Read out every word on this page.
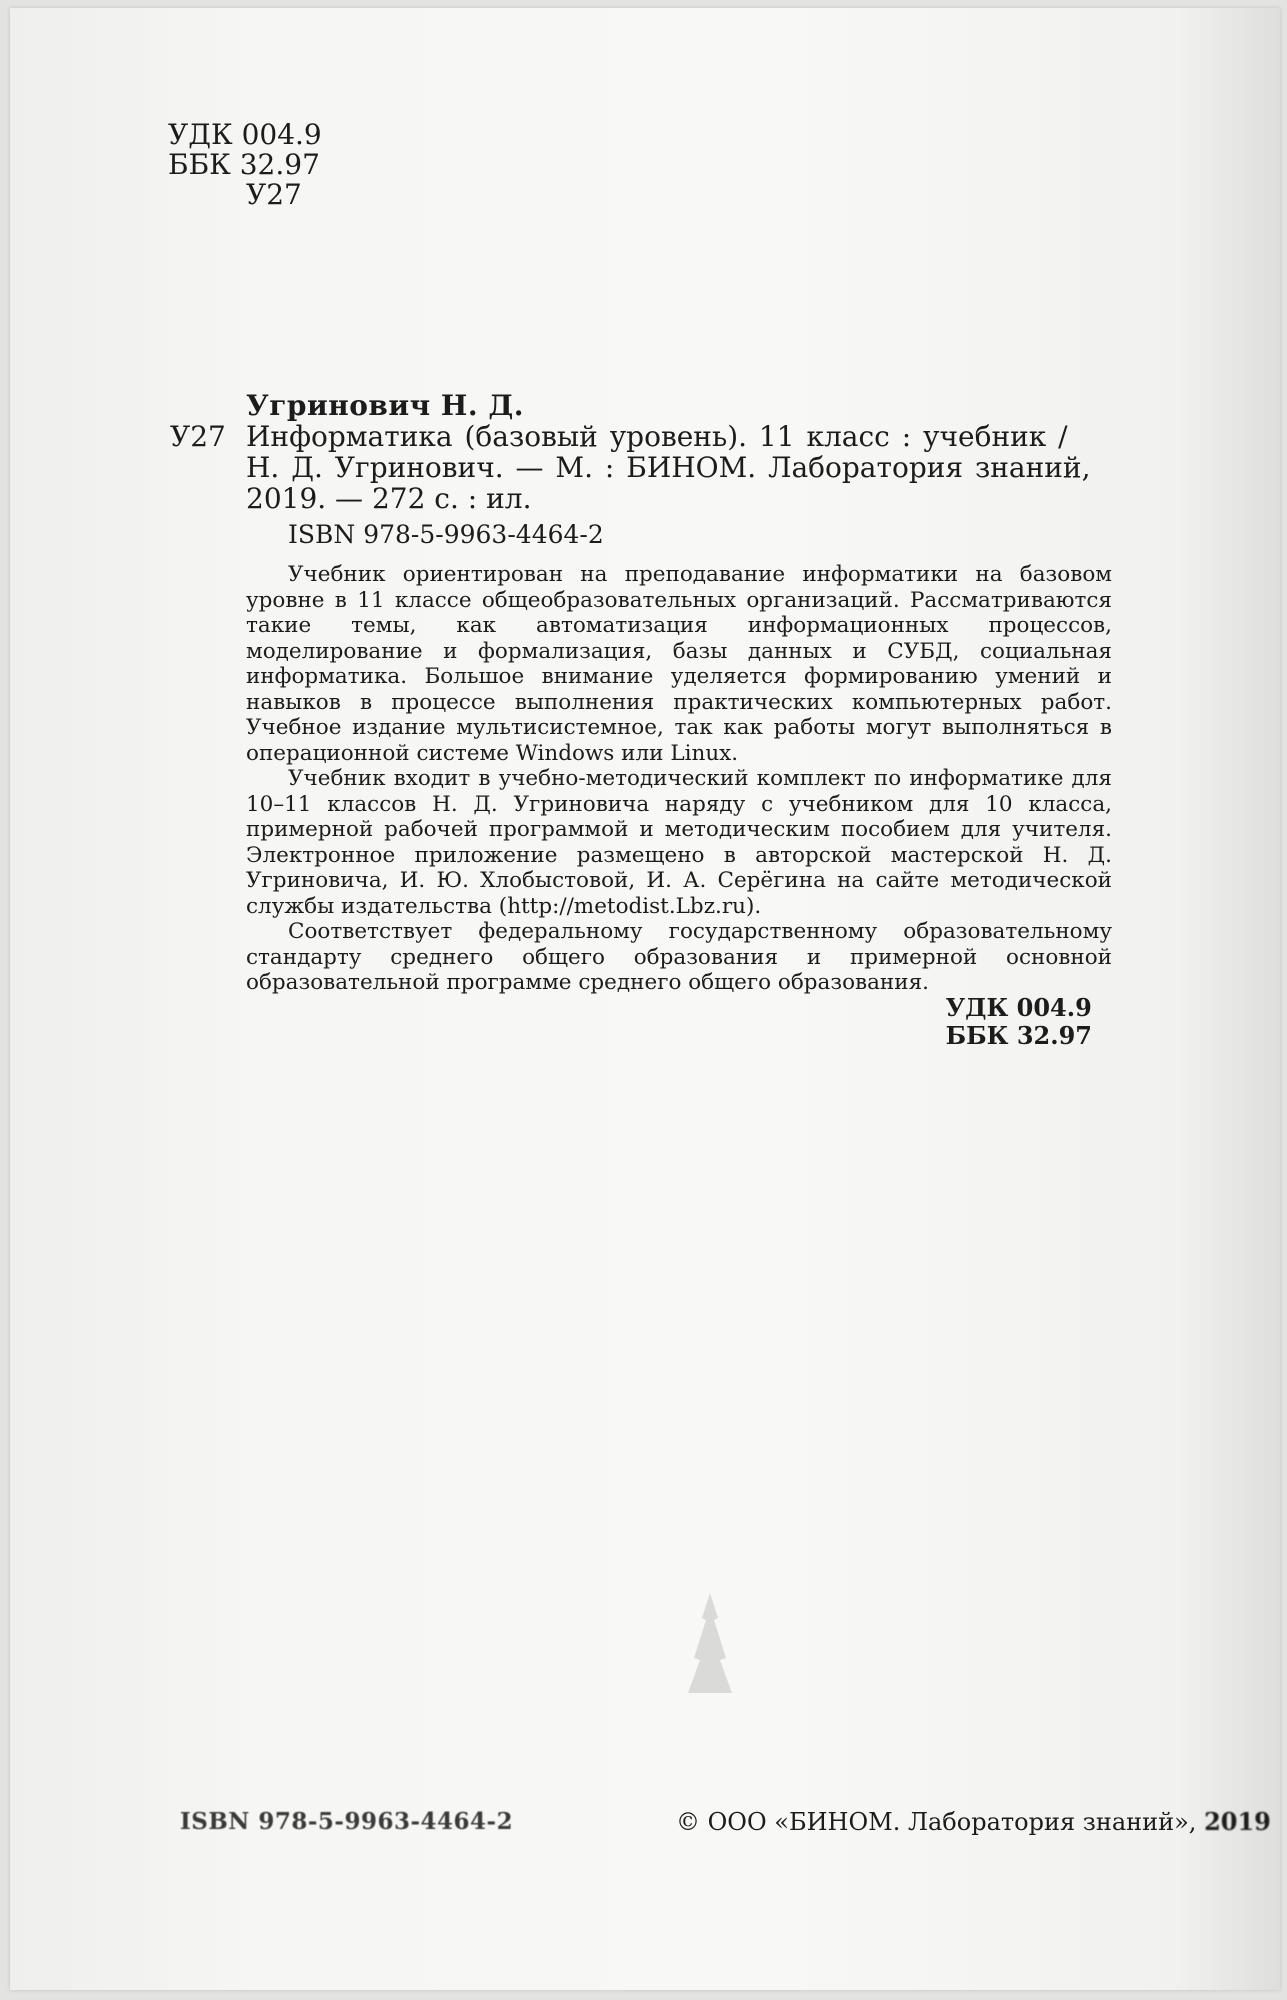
УДК 004.9
ББК 32.97
У27
У27
Угринович Н. Д.
Информатика (базовый уровень). 11 класс : учебник /
Н. Д. Угринович. — М. : БИНОМ. Лаборатория знаний,
2019. — 272 с. : ил.
ISBN 978-5-9963-4464-2

Учебник ориентирован на преподавание информатики на базовом уровне в 11 классе общеобразовательных организаций. Рассматриваются такие темы, как автоматизация информационных процессов, моделирование и формализация, базы данных и СУБД, социальная информатика. Большое внимание уделяется формированию умений и навыков в процессе выполнения практических компьютерных работ. Учебное издание мультисистемное, так как работы могут выполняться в операционной системе Windows или Linux.

Учебник входит в учебно-методический комплект по информатике для 10–11 классов Н. Д. Угриновича наряду с учебником для 10 класса, примерной рабочей программой и методическим пособием для учителя. Электронное приложение размещено в авторской мастерской Н. Д. Угриновича, И. Ю. Хлобыстовой, И. А. Серёгина на сайте методической службы издательства (http://metodist.Lbz.ru).

Соответствует федеральному государственному образовательному стандарту среднего общего образования и примерной основной образовательной программе среднего общего образования.

УДК 004.9
ББК 32.97
ISBN 978-5-9963-4464-2	© ООО «БИНОМ. Лаборатория знаний», 2019
